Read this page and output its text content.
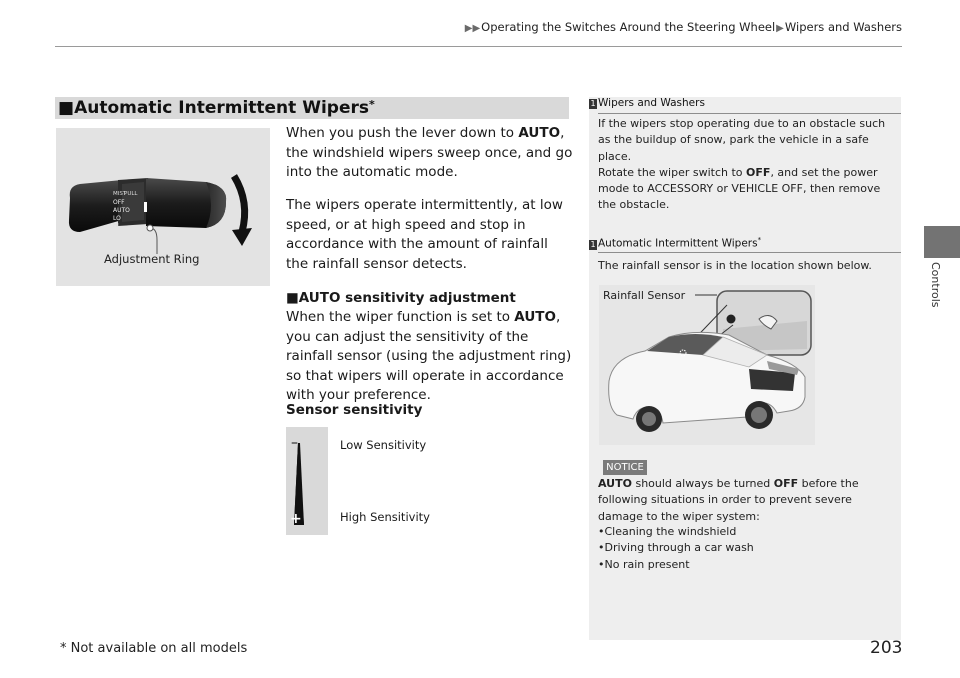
▶▶Operating the Switches Around the Steering Wheel▶Wipers and Washers
Controls
■Automatic Intermittent Wipers*
MIST
OFF
AUTO
LO
HI
PULL
Adjustment Ring
When you push the lever down to AUTO, the windshield wipers sweep once, and go into the automatic mode.
The wipers operate intermittently, at low speed, or at high speed and stop in accordance with the amount of rainfall the rainfall sensor detects.
■AUTO sensitivity adjustment
When the wiper function is set to AUTO, you can adjust the sensitivity of the rainfall sensor (using the adjustment ring) so that wipers will operate in accordance with your preference.
Sensor sensitivity
–
+
Low Sensitivity
High Sensitivity
1 Wipers and Washers
If the wipers stop operating due to an obstacle such as the buildup of snow, park the vehicle in a safe place.
Rotate the wiper switch to OFF, and set the power mode to ACCESSORY or VEHICLE OFF, then remove the obstacle.
1 Automatic Intermittent Wipers*
The rainfall sensor is in the location shown below.
Rainfall Sensor
NOTICE
AUTO should always be turned OFF before the following situations in order to prevent severe damage to the wiper system:
•Cleaning the windshield
•Driving through a car wash
•No rain present
* Not available on all models	203
